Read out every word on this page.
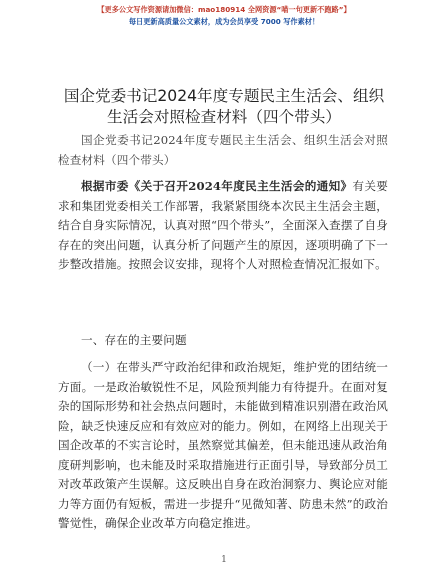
【更多公文写作资源请加微信：mao180914 全网资源“喵一句更新不跑路”】
每日更新高质量公文素材，成为会员享受 7000 写作素材！
国企党委书记2024年度专题民主生活会、组织生活会对照检查材料（四个带头）
国企党委书记2024年度专题民主生活会、组织生活会对照检查材料（四个带头）
根据市委《关于召开2024年度民主生活会的通知》有关要求和集团党委相关工作部署，我紧紧围绕本次民主生活会主题，结合自身实际情况，认真对照“四个带头”，全面深入查摆了自身存在的突出问题，认真分析了问题产生的原因，逐项明确了下一步整改措施。按照会议安排，现将个人对照检查情况汇报如下。
一、存在的主要问题
（一）在带头严守政治纪律和政治规矩，维护党的团结统一方面。一是政治敏锐性不足，风险预判能力有待提升。在面对复杂的国际形势和社会热点问题时，未能做到精准识别潜在政治风险，缺乏快速反应和有效应对的能力。例如，在网络上出现关于国企改革的不实言论时，虽然察觉其偏差，但未能迅速从政治角度研判影响，也未能及时采取措施进行正面引导，导致部分员工对改革政策产生误解。这反映出自身在政治洞察力、舆论应对能力等方面仍有短板，需进一步提升“见微知著、防患未然”的政治警觉性，确保企业改革方向稳定推进。
1
